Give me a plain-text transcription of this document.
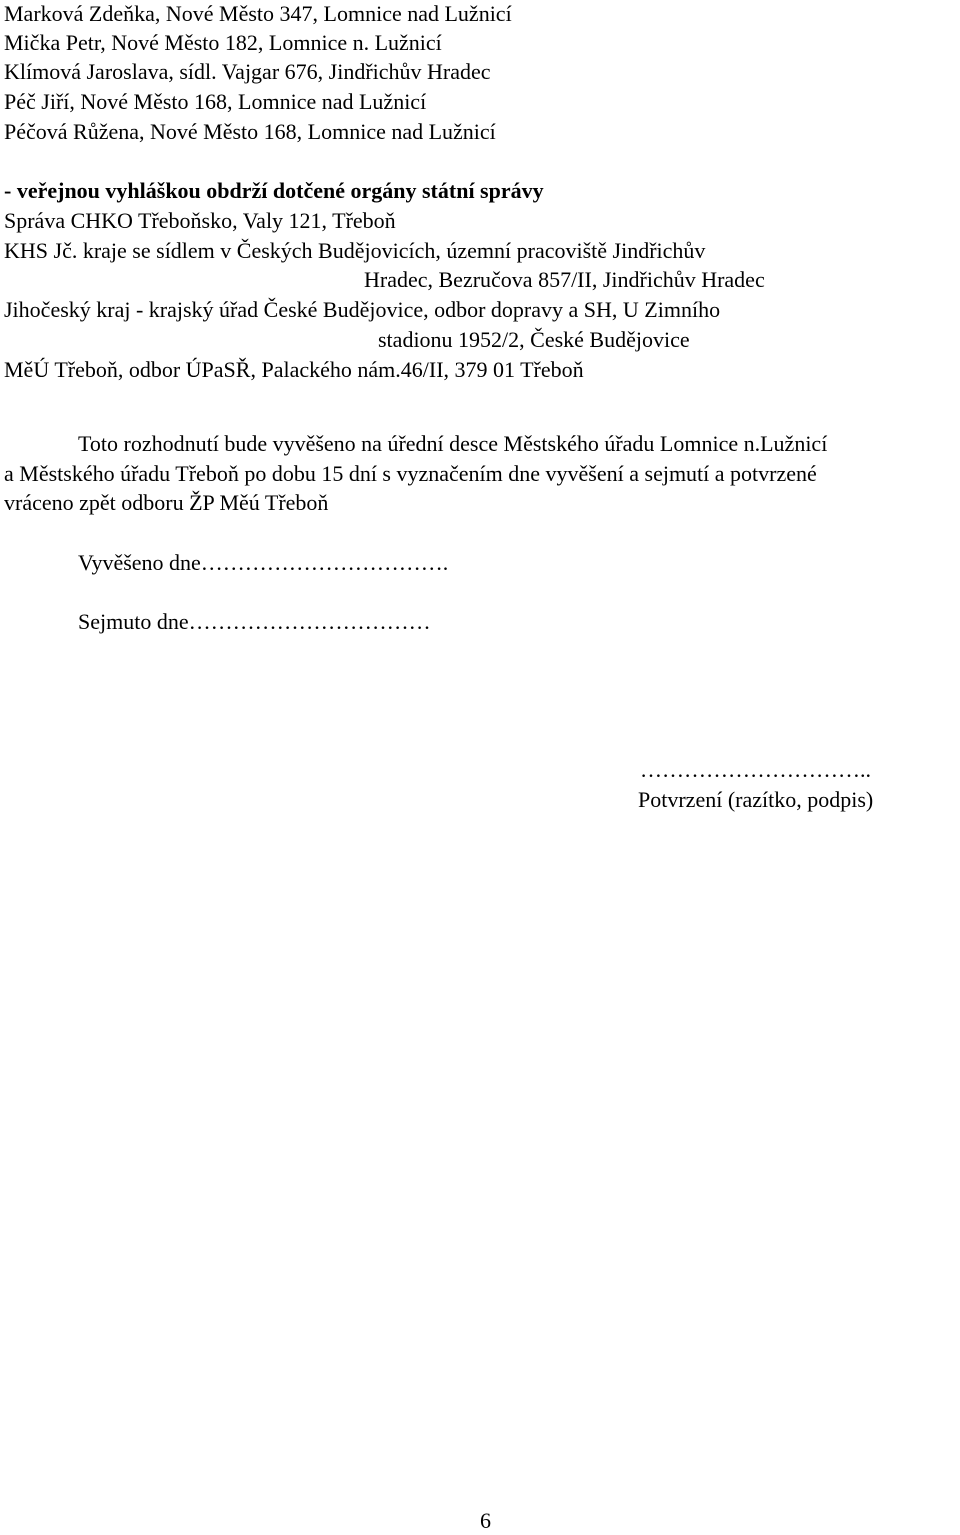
Marková Zdeňka, Nové Město 347, Lomnice nad Lužnicí

Mička Petr, Nové Město 182, Lomnice n. Lužnicí

Klímová Jaroslava, sídl. Vajgar 676, Jindřichův Hradec

Péč Jiří, Nové Město 168, Lomnice nad Lužnicí

Péčová Růžena, Nové Město 168, Lomnice nad Lužnicí

- veřejnou vyhláškou obdrží dotčené orgány státní správy

Správa CHKO Třeboňsko, Valy 121, Třeboň

KHS Jč. kraje se sídlem v Českých Budějovicích, územní pracoviště Jindřichův

Hradec, Bezručova 857/II, Jindřichův Hradec

Jihočeský kraj - krajský úřad České Budějovice, odbor dopravy a SH, U Zimního

stadionu 1952/2, České Budějovice

MěÚ Třeboň, odbor ÚPaSŘ, Palackého nám.46/II, 379 01 Třeboň

Toto rozhodnutí bude vyvěšeno na úřední desce Městského úřadu Lomnice n.Lužnicí

a Městského úřadu Třeboň po dobu 15 dní s vyznačením dne vyvěšení a sejmutí a potvrzené

vráceno zpět odboru ŽP Měú Třeboň

Vyvěšeno dne…………………………….

Sejmuto dne……………………………

…………………………..

Potvrzení (razítko, podpis)

6
